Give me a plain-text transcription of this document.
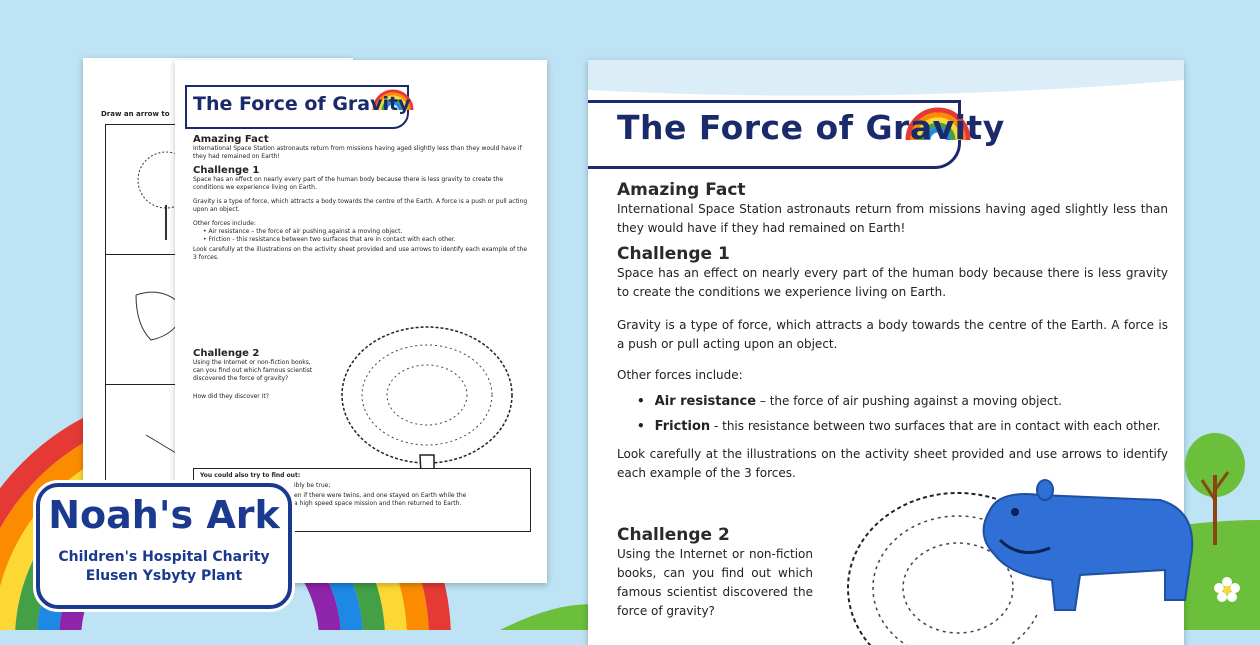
Draw an arrow to The Force of Gravity

Amazing Fact

International Space Station astronauts return from missions having aged slightly less than they would have if they had remained on Earth!

Challenge 1

Space has an effect on nearly every part of the human body because there is less gravity to create the conditions we experience living on Earth.

Gravity is a type of force, which attracts a body towards the centre of the Earth. A force is a push or pull acting upon an object.

Other forces include:

• Air resistance – the force of air pushing against a moving object.

• Friction - this resistance between two surfaces that are in contact with each other.

Look carefully at the illustrations on the activity sheet provided and use arrows to identify each example of the 3 forces.

Challenge 2

Using the Internet or non-fiction books, can you find out which famous scientist discovered the force of gravity?

How did they discover it?

You could also try to find out:

ibly be true;

en if there were twins, and one stayed on Earth while the

a high speed space mission and then returned to Earth.

The Force of Gravity

Amazing Fact

International Space Station astronauts return from missions having aged slightly less than they would have if they had remained on Earth!

Challenge 1

Space has an effect on nearly every part of the human body because there is less gravity to create the conditions we experience living on Earth.

Gravity is a type of force, which attracts a body towards the centre of the Earth. A force is a push or pull acting upon an object.

Other forces include:

• Air resistance – the force of air pushing against a moving object.
• Friction - this resistance between two surfaces that are in contact with each other.

Look carefully at the illustrations on the activity sheet provided and use arrows to identify each example of the 3 forces.

Challenge 2

Using the Internet or non-fiction books, can you find out which famous scientist discovered the force of gravity?

Noah's Ark
Children's Hospital Charity
Elusen Ysbyty Plant
